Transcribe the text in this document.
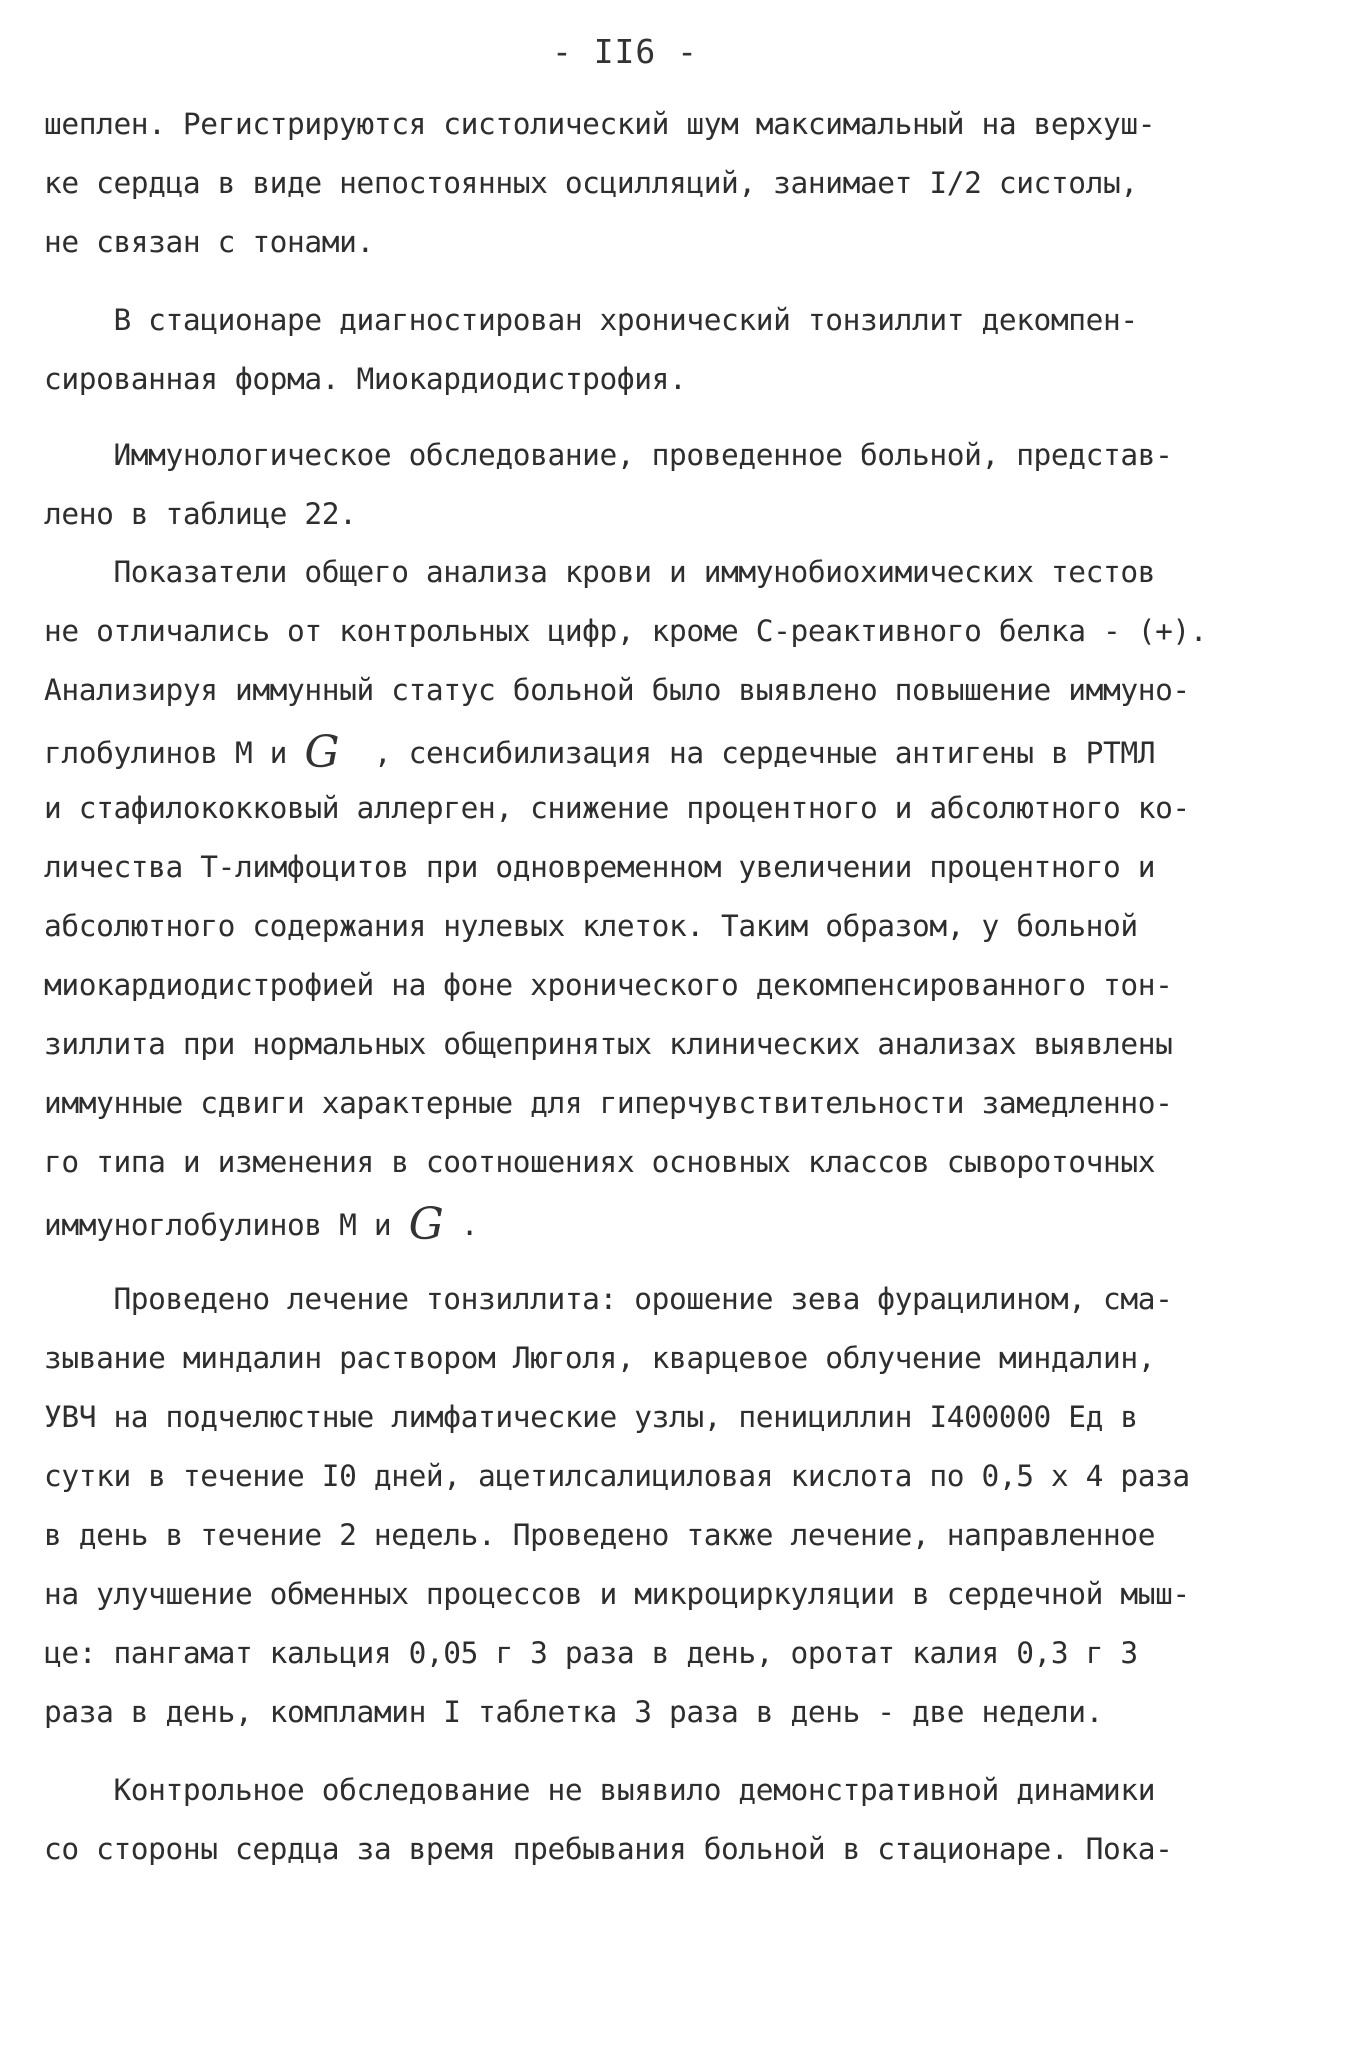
- II6 -
шеплен. Регистрируются систолический шум максимальный на верхуш-
ке сердца в виде непостоянных осцилляций, занимает I/2 систолы,
не связан с тонами.
В стационаре диагностирован хронический тонзиллит декомпен-
сированная форма. Миокардиодистрофия.
Иммунологическое обследование, проведенное больной, представ-
лено в таблице 22.
Показатели общего анализа крови и иммунобиохимических тестов
не отличались от контрольных цифр, кроме С-реактивного белка - (+).
Анализируя иммунный статус больной было выявлено повышение иммуно-
глобулинов М и G  , сенсибилизация на сердечные антигены в РТМЛ
и стафилококковый аллерген, снижение процентного и абсолютного ко-
личества Т-лимфоцитов при одновременном увеличении процентного и
абсолютного содержания нулевых клеток. Таким образом, у больной
миокардиодистрофией на фоне хронического декомпенсированного тон-
зиллита при нормальных общепринятых клинических анализах выявлены
иммунные сдвиги характерные для гиперчувствительности замедленно-
го типа и изменения в соотношениях основных классов сывороточных
иммуноглобулинов М и G .
Проведено лечение тонзиллита: орошение зева фурацилином, сма-
зывание миндалин раствором Люголя, кварцевое облучение миндалин,
УВЧ на подчелюстные лимфатические узлы, пенициллин I400000 Ед в
сутки в течение I0 дней, ацетилсалициловая кислота по 0,5 х 4 раза
в день в течение 2 недель. Проведено также лечение, направленное
на улучшение обменных процессов и микроциркуляции в сердечной мыш-
це: пангамат кальция 0,05 г 3 раза в день, оротат калия 0,3 г 3
раза в день, компламин I таблетка 3 раза в день - две недели.
Контрольное обследование не выявило демонстративной динамики
со стороны сердца за время пребывания больной в стационаре. Пока-
